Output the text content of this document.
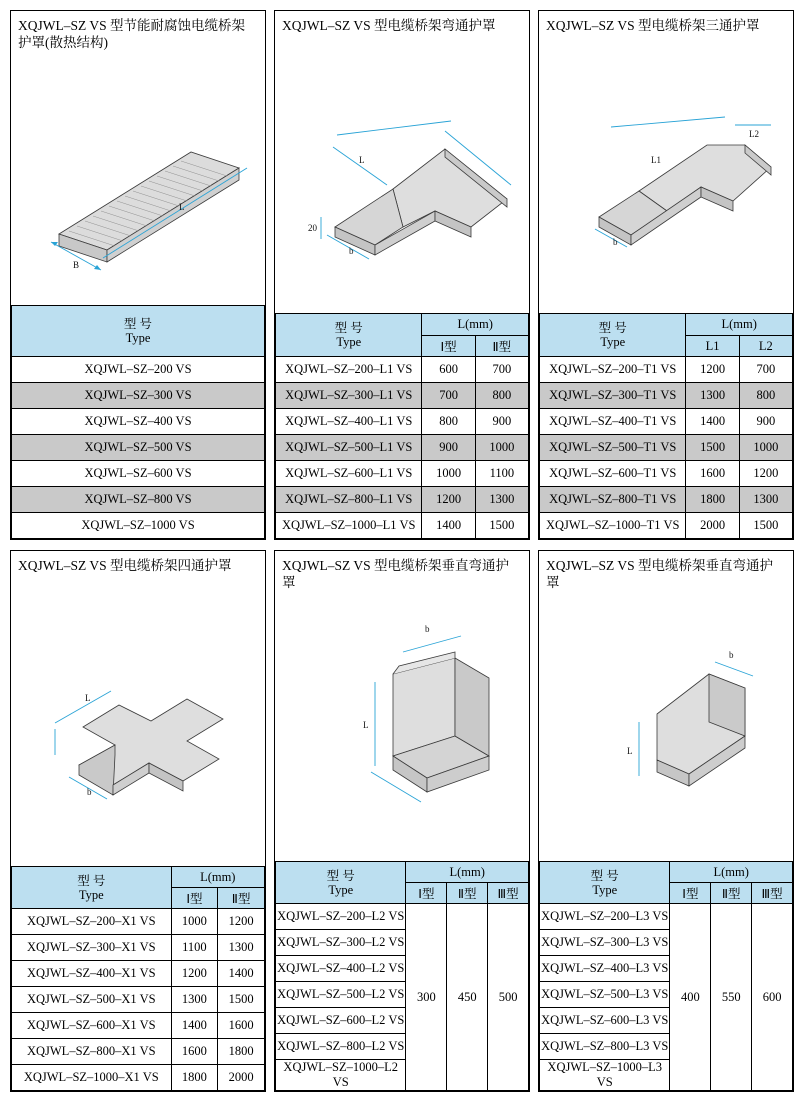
XQJWL–SZ VS 型节能耐腐蚀电缆桥架护罩(散热结构)
B
L
型 号
Type

XQJWL–SZ–200 VS
XQJWL–SZ–300 VS
XQJWL–SZ–400 VS
XQJWL–SZ–500 VS
XQJWL–SZ–600 VS
XQJWL–SZ–800 VS
XQJWL–SZ–1000 VS
XQJWL–SZ VS 型电缆桥架弯通护罩
L
b
20
型 号
Type	L(mm)	
	Ⅰ型	Ⅱ型
XQJWL–SZ–200–L1 VS	600	700
XQJWL–SZ–300–L1 VS	700	800
XQJWL–SZ–400–L1 VS	800	900
XQJWL–SZ–500–L1 VS	900	1000
XQJWL–SZ–600–L1 VS	1000	1100
XQJWL–SZ–800–L1 VS	1200	1300
XQJWL–SZ–1000–L1 VS	1400	1500
XQJWL–SZ VS 型电缆桥架三通护罩
L1
L2
b
型 号
Type	L(mm)	
	L1	L2
XQJWL–SZ–200–T1 VS	1200	700
XQJWL–SZ–300–T1 VS	1300	800
XQJWL–SZ–400–T1 VS	1400	900
XQJWL–SZ–500–T1 VS	1500	1000
XQJWL–SZ–600–T1 VS	1600	1200
XQJWL–SZ–800–T1 VS	1800	1300
XQJWL–SZ–1000–T1 VS	2000	1500
XQJWL–SZ VS 型电缆桥架四通护罩
L
b
型 号
Type	L(mm)	
	Ⅰ型	Ⅱ型
XQJWL–SZ–200–X1 VS	1000	1200
XQJWL–SZ–300–X1 VS	1100	1300
XQJWL–SZ–400–X1 VS	1200	1400
XQJWL–SZ–500–X1 VS	1300	1500
XQJWL–SZ–600–X1 VS	1400	1600
XQJWL–SZ–800–X1 VS	1600	1800
XQJWL–SZ–1000–X1 VS	1800	2000
XQJWL–SZ VS 型电缆桥架垂直弯通护罩
b
L
型 号
Type	L(mm)		
	Ⅰ型	Ⅱ型	Ⅲ型
XQJWL–SZ–200–L2 VS	300	450	500
XQJWL–SZ–300–L2 VS			
XQJWL–SZ–400–L2 VS			
XQJWL–SZ–500–L2 VS			
XQJWL–SZ–600–L2 VS			
XQJWL–SZ–800–L2 VS			
XQJWL–SZ–1000–L2 VS			
XQJWL–SZ VS 型电缆桥架垂直弯通护罩
b
L
型 号
Type	L(mm)		
	Ⅰ型	Ⅱ型	Ⅲ型
XQJWL–SZ–200–L3 VS	400	550	600
XQJWL–SZ–300–L3 VS			
XQJWL–SZ–400–L3 VS			
XQJWL–SZ–500–L3 VS			
XQJWL–SZ–600–L3 VS			
XQJWL–SZ–800–L3 VS			
XQJWL–SZ–1000–L3 VS			
